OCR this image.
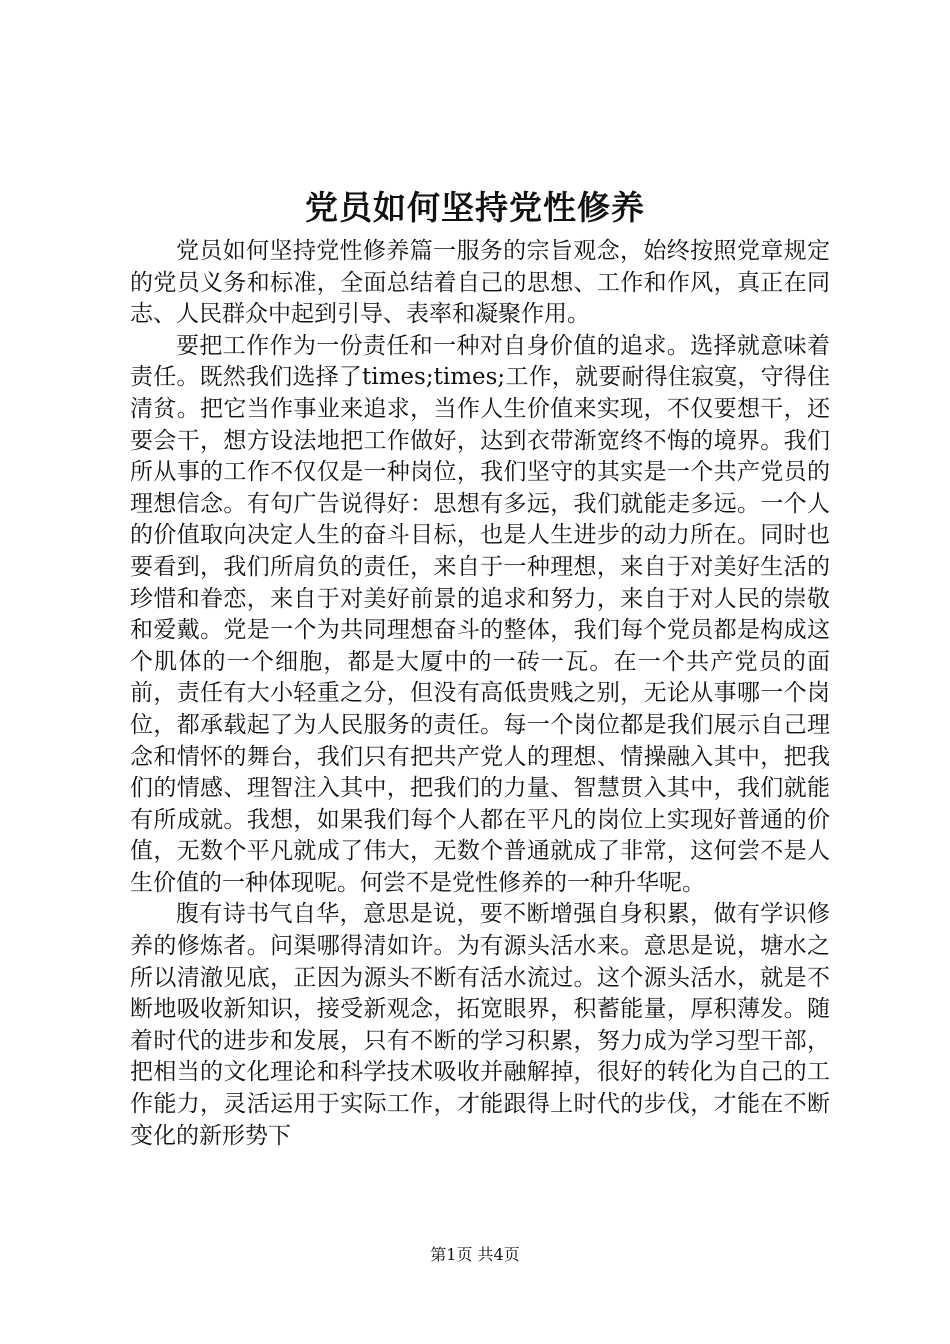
党员如何坚持党性修养

党员如何坚持党性修养篇一服务的宗旨观念，始终按照党章规定的党员义务和标准，全面总结着自己的思想、工作和作风，真正在同志、人民群众中起到引导、表率和凝聚作用。

要把工作作为一份责任和一种对自身价值的追求。选择就意味着责任。既然我们选择了times;times;工作，就要耐得住寂寞，守得住清贫。把它当作事业来追求，当作人生价值来实现，不仅要想干，还要会干，想方设法地把工作做好，达到衣带渐宽终不悔的境界。我们所从事的工作不仅仅是一种岗位，我们坚守的其实是一个共产党员的理想信念。有句广告说得好：思想有多远，我们就能走多远。一个人的价值取向决定人生的奋斗目标，也是人生进步的动力所在。同时也要看到，我们所肩负的责任，来自于一种理想，来自于对美好生活的珍惜和眷恋，来自于对美好前景的追求和努力，来自于对人民的崇敬和爱戴。党是一个为共同理想奋斗的整体，我们每个党员都是构成这个肌体的一个细胞，都是大厦中的一砖一瓦。在一个共产党员的面前，责任有大小轻重之分，但没有高低贵贱之别，无论从事哪一个岗位，都承载起了为人民服务的责任。每一个岗位都是我们展示自己理念和情怀的舞台，我们只有把共产党人的理想、情操融入其中，把我们的情感、理智注入其中，把我们的力量、智慧贯入其中，我们就能有所成就。我想，如果我们每个人都在平凡的岗位上实现好普通的价值，无数个平凡就成了伟大，无数个普通就成了非常，这何尝不是人生价值的一种体现呢。何尝不是党性修养的一种升华呢。

腹有诗书气自华，意思是说，要不断增强自身积累，做有学识修养的修炼者。问渠哪得清如许。为有源头活水来。意思是说，塘水之所以清澈见底，正因为源头不断有活水流过。这个源头活水，就是不断地吸收新知识，接受新观念，拓宽眼界，积蓄能量，厚积薄发。随着时代的进步和发展，只有不断的学习积累，努力成为学习型干部，把相当的文化理论和科学技术吸收并融解掉，很好的转化为自己的工作能力，灵活运用于实际工作，才能跟得上时代的步伐，才能在不断变化的新形势下

第1页 共4页
